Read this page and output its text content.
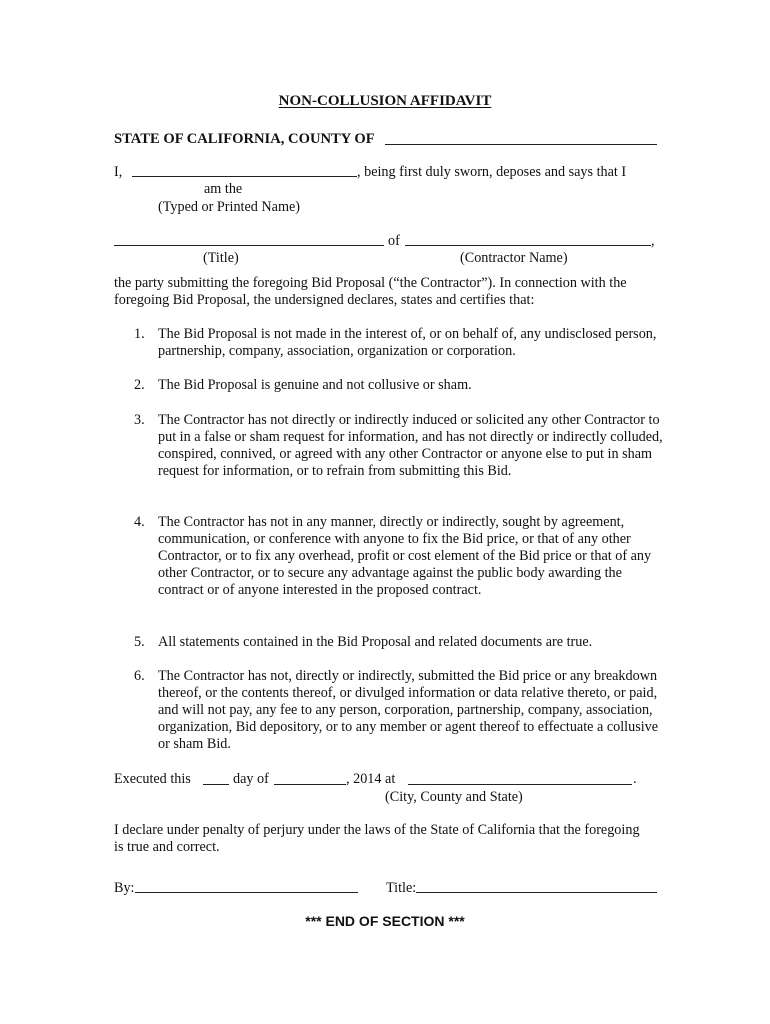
NON-COLLUSION AFFIDAVIT
STATE OF CALIFORNIA, COUNTY OF
I,	, being first duly sworn, deposes and says that I
am the
(Typed or Printed Name)
of	,
(Title)	(Contractor Name)
the party submitting the foregoing Bid Proposal (“the Contractor”). In connection with the foregoing Bid Proposal, the undersigned declares, states and certifies that:
1. The Bid Proposal is not made in the interest of, or on behalf of, any undisclosed person, partnership, company, association, organization or corporation.
2. The Bid Proposal is genuine and not collusive or sham.
3. The Contractor has not directly or indirectly induced or solicited any other Contractor to put in a false or sham request for information, and has not directly or indirectly colluded, conspired, connived, or agreed with any other Contractor or anyone else to put in sham request for information, or to refrain from submitting this Bid.
4. The Contractor has not in any manner, directly or indirectly, sought by agreement, communication, or conference with anyone to fix the Bid price, or that of any other Contractor, or to fix any overhead, profit or cost element of the Bid price or that of any other Contractor, or to secure any advantage against the public body awarding the contract or of anyone interested in the proposed contract.
5. All statements contained in the Bid Proposal and related documents are true.
6. The Contractor has not, directly or indirectly, submitted the Bid price or any breakdown thereof, or the contents thereof, or divulged information or data relative thereto, or paid, and will not pay, any fee to any person, corporation, partnership, company, association, organization, Bid depository, or to any member or agent thereof to effectuate a collusive or sham Bid.
Executed this	day of	, 2014 at	.
(City, County and State)
I declare under penalty of perjury under the laws of the State of California that the foregoing is true and correct.
By:	Title:
*** END OF SECTION ***
